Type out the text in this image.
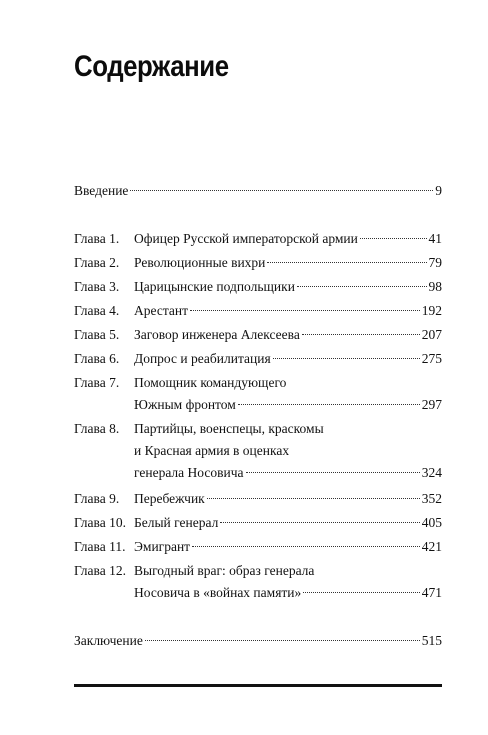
Содержание
Введение	9
Глава 1.	Офицер Русской императорской армии	41
Глава 2.	Революционные вихри	79
Глава 3.	Царицынские подпольщики	98
Глава 4.	Арестант	192
Глава 5.	Заговор инженера Алексеева	207
Глава 6.	Допрос и реабилитация	275
Глава 7.	Помощник командующего
Южным фронтом	297
Глава 8.	Партийцы, военспецы, краскомы
и Красная армия в оценках
генерала Носовича	324
Глава 9.	Перебежчик	352
Глава 10. Белый генерал	405
Глава 11. Эмигрант	421
Глава 12. Выгодный враг: образ генерала
Носовича в «войнах памяти»	471
Заключение	515
